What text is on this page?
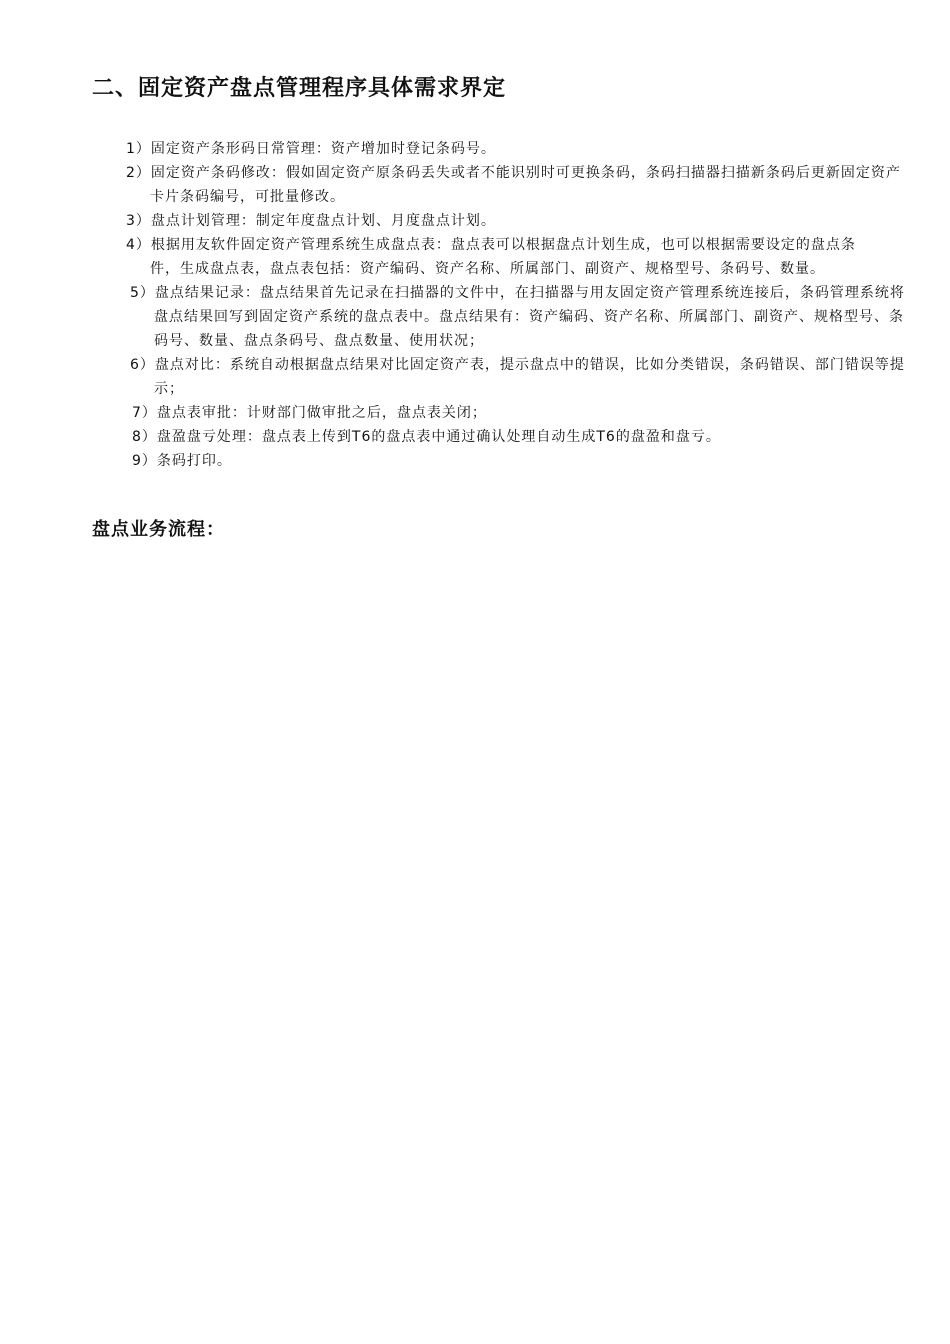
二、固定资产盘点管理程序具体需求界定
1）固定资产条形码日常管理：资产增加时登记条码号。
2）固定资产条码修改：假如固定资产原条码丢失或者不能识别时可更换条码，条码扫描器扫描新条码后更新固定资产卡片条码编号，可批量修改。
3）盘点计划管理：制定年度盘点计划、月度盘点计划。
4）根据用友软件固定资产管理系统生成盘点表：盘点表可以根据盘点计划生成，也可以根据需要设定的盘点条件，生成盘点表，盘点表包括：资产编码、资产名称、所属部门、副资产、规格型号、条码号、数量。
5）盘点结果记录：盘点结果首先记录在扫描器的文件中，在扫描器与用友固定资产管理系统连接后，条码管理系统将盘点结果回写到固定资产系统的盘点表中。盘点结果有：资产编码、资产名称、所属部门、副资产、规格型号、条码号、数量、盘点条码号、盘点数量、使用状况；
6）盘点对比：系统自动根据盘点结果对比固定资产表，提示盘点中的错误，比如分类错误，条码错误、部门错误等提示；
7）盘点表审批：计财部门做审批之后，盘点表关闭；
8）盘盈盘亏处理：盘点表上传到T6的盘点表中通过确认处理自动生成T6的盘盈和盘亏。
9）条码打印。
盘点业务流程：
